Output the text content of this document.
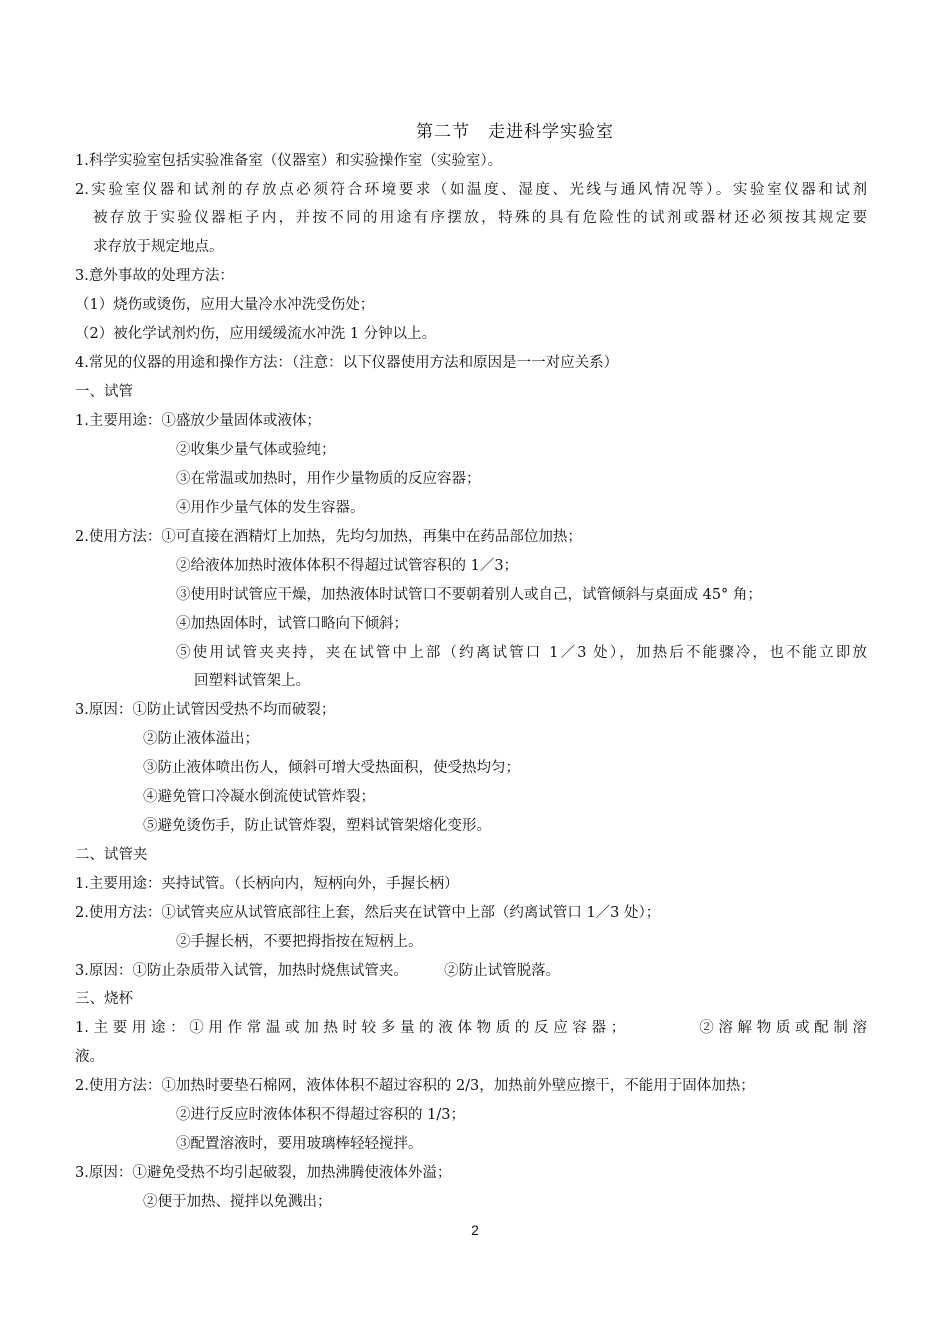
第二节　走进科学实验室
1.科学实验室包括实验准备室（仪器室）和实验操作室（实验室）。
2.实验室仪器和试剂的存放点必须符合环境要求（如温度、湿度、光线与通风情况等）。实验室仪器和试剂
被存放于实验仪器柜子内，并按不同的用途有序摆放，特殊的具有危险性的试剂或器材还必须按其规定要
求存放于规定地点。
3.意外事故的处理方法：
（1）烧伤或烫伤，应用大量冷水冲洗受伤处；
（2）被化学试剂灼伤，应用缓缓流水冲洗 1 分钟以上。
4.常见的仪器的用途和操作方法：（注意：以下仪器使用方法和原因是一一对应关系）
一、试管
1.主要用途：①盛放少量固体或液体；
②收集少量气体或验纯；
③在常温或加热时，用作少量物质的反应容器；
④用作少量气体的发生容器。
2.使用方法：①可直接在酒精灯上加热，先均匀加热，再集中在药品部位加热；
②给液体加热时液体体积不得超过试管容积的 1／3；
③使用时试管应干燥，加热液体时试管口不要朝着别人或自己，试管倾斜与桌面成 45° 角；
④加热固体时，试管口略向下倾斜；
⑤使用试管夹夹持，夹在试管中上部（约离试管口 1／3 处），加热后不能骤冷，也不能立即放
回塑料试管架上。
3.原因：①防止试管因受热不均而破裂；
②防止液体溢出；
③防止液体喷出伤人，倾斜可增大受热面积，使受热均匀；
④避免管口冷凝水倒流使试管炸裂；
⑤避免烫伤手，防止试管炸裂，塑料试管架熔化变形。
二、试管夹
1.主要用途：夹持试管。（长柄向内，短柄向外，手握长柄）
2.使用方法：①试管夹应从试管底部往上套，然后夹在试管中上部（约离试管口 1／3 处）；
②手握长柄，不要把拇指按在短柄上。
3.原因：①防止杂质带入试管，加热时烧焦试管夹。　　　②防止试管脱落。
三、烧杯
1.主要用途：①用作常温或加热时较多量的液体物质的反应容器；　　　　②溶解物质或配制溶
液。
2.使用方法：①加热时要垫石棉网，液体体积不超过容积的 2/3，加热前外壁应擦干，不能用于固体加热；
②进行反应时液体体积不得超过容积的 1/3；
③配置溶液时，要用玻璃棒轻轻搅拌。
3.原因：①避免受热不均引起破裂，加热沸腾使液体外溢；
②便于加热、搅拌以免溅出；
2
